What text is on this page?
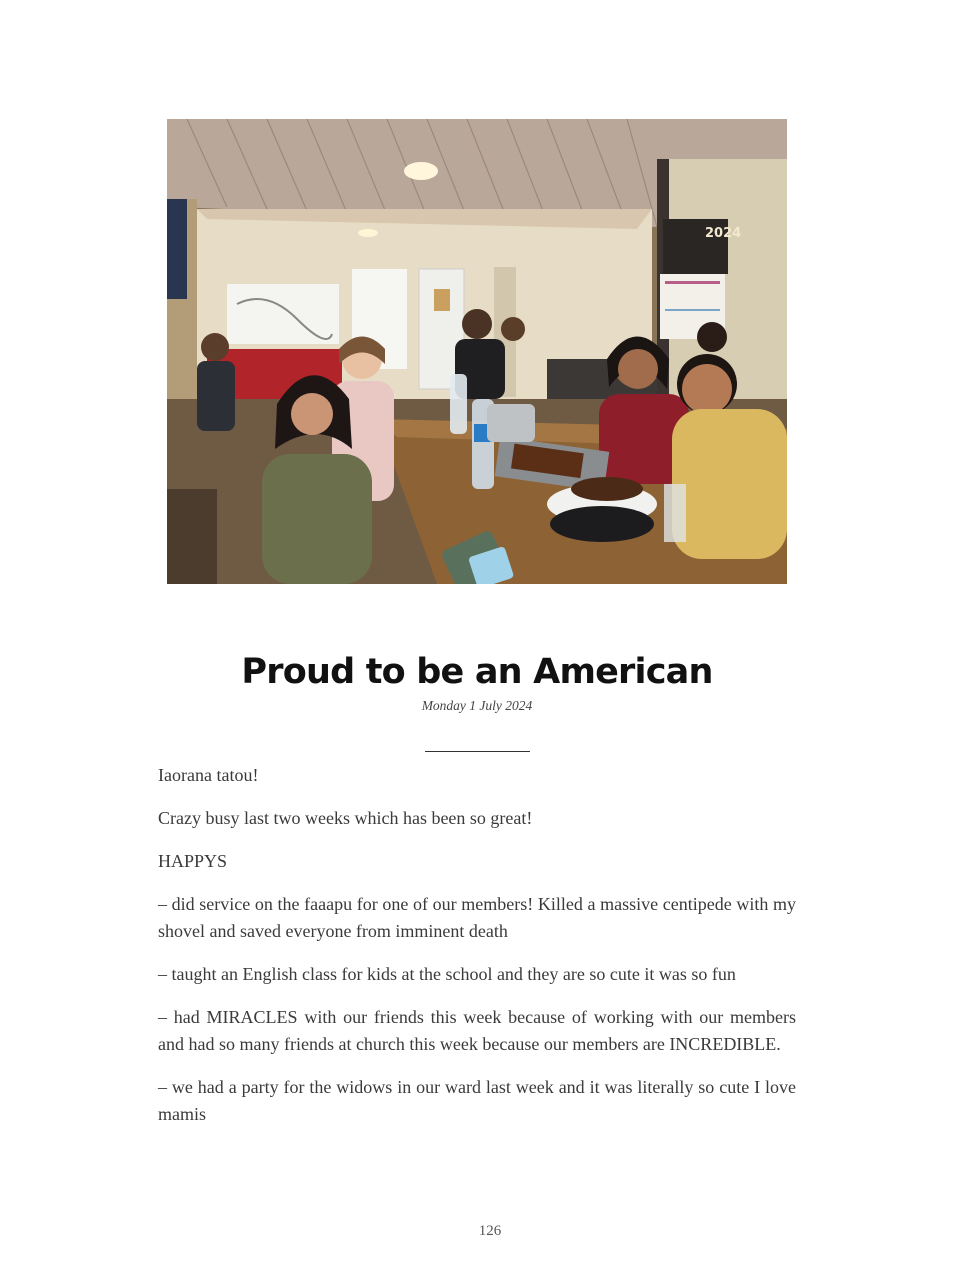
2024
Proud to be an American
Monday 1 July 2024

Iaorana tatou!

Crazy busy last two weeks which has been so great!

HAPPYS

– did service on the faaapu for one of our members! Killed a massive centipede with my shovel and saved everyone from imminent death

– taught an English class for kids at the school and they are so cute it was so fun

– had MIRACLES with our friends this week because of working with our members and had so many friends at church this week because our members are INCREDIBLE.

– we had a party for the widows in our ward last week and it was literally so cute I love mamis

126
